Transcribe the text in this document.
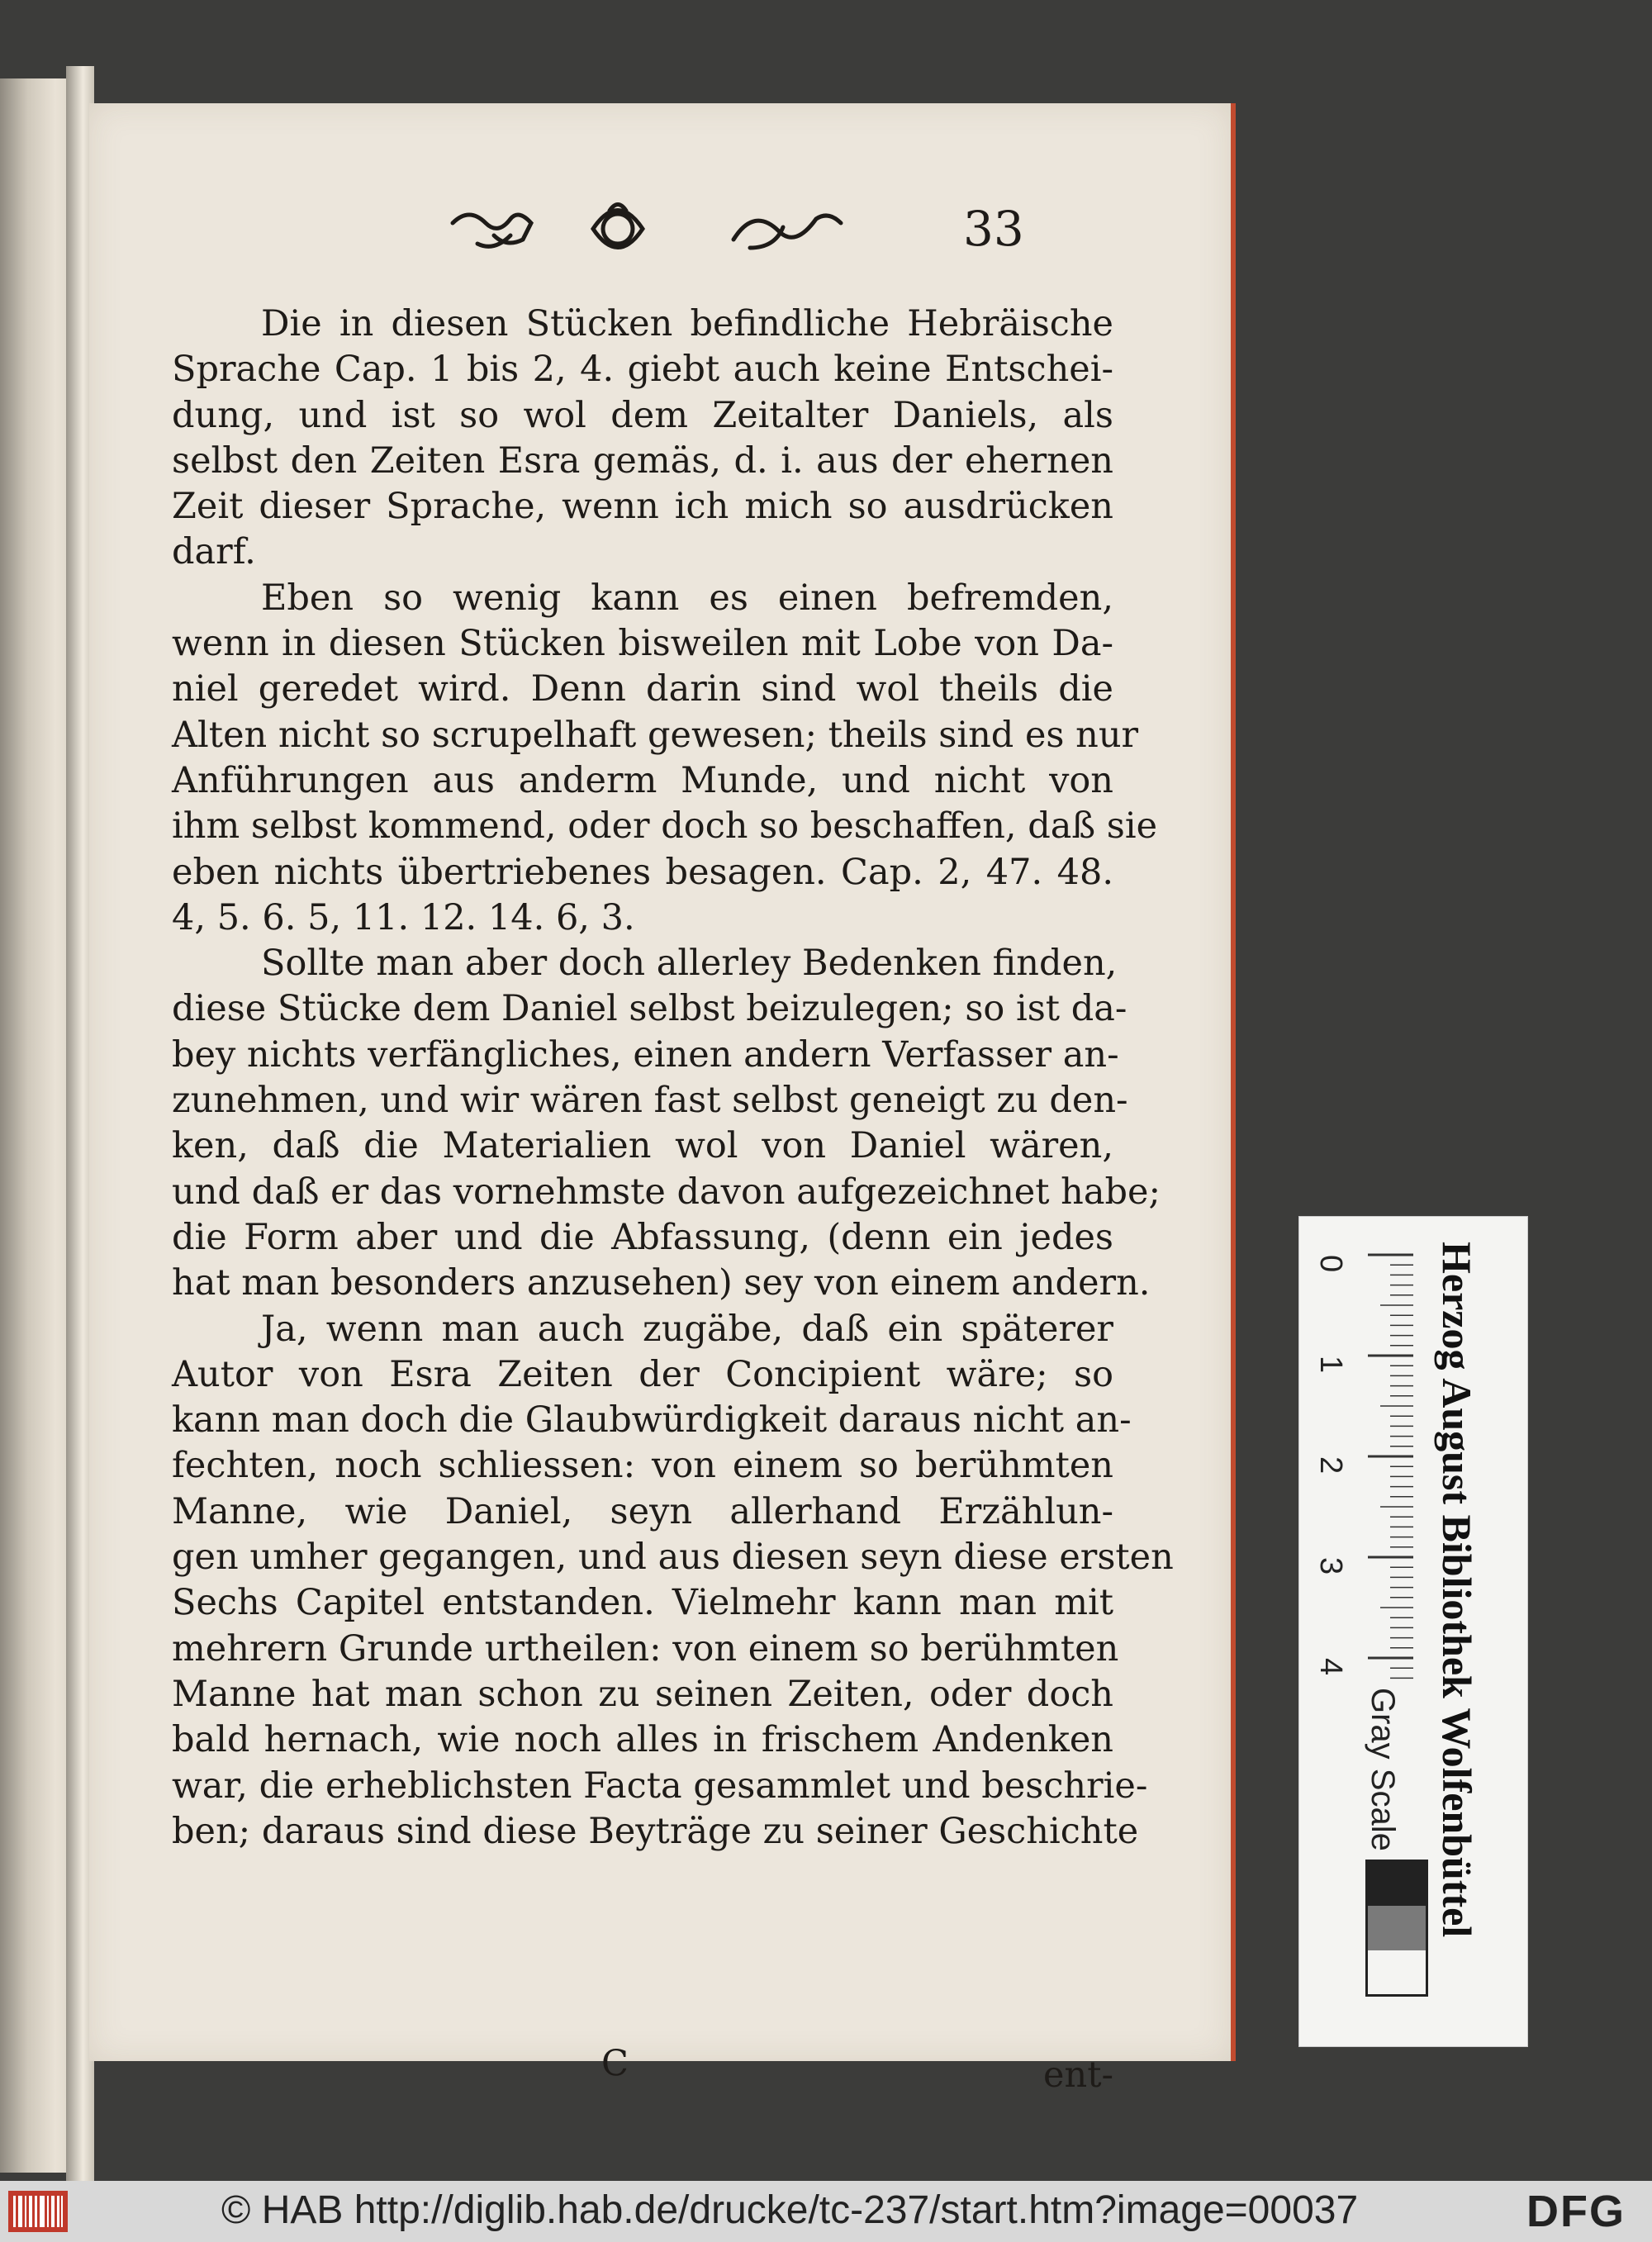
33
Die in diesen Stücken befindliche Hebräische
Sprache Cap. 1 bis 2, 4. giebt auch keine Entschei-
dung, und ist so wol dem Zeitalter Daniels, als
selbst den Zeiten Esra gemäs, d. i. aus der ehernen
Zeit dieser Sprache, wenn ich mich so ausdrücken
darf.
Eben so wenig kann es einen befremden,
wenn in diesen Stücken bisweilen mit Lobe von Da-
niel geredet wird. Denn darin sind wol theils die
Alten nicht so scrupelhaft gewesen; theils sind es nur
Anführungen aus anderm Munde, und nicht von
ihm selbst kommend, oder doch so beschaffen, daß sie
eben nichts übertriebenes besagen. Cap. 2, 47. 48.
4, 5. 6. 5, 11. 12. 14. 6, 3.
Sollte man aber doch allerley Bedenken finden,
diese Stücke dem Daniel selbst beizulegen; so ist da-
bey nichts verfängliches, einen andern Verfasser an-
zunehmen, und wir wären fast selbst geneigt zu den-
ken, daß die Materialien wol von Daniel wären,
und daß er das vornehmste davon aufgezeichnet habe;
die Form aber und die Abfassung, (denn ein jedes
hat man besonders anzusehen) sey von einem andern.
Ja, wenn man auch zugäbe, daß ein späterer
Autor von Esra Zeiten der Concipient wäre; so
kann man doch die Glaubwürdigkeit daraus nicht an-
fechten, noch schliessen: von einem so berühmten
Manne, wie Daniel, seyn allerhand Erzählun-
gen umher gegangen, und aus diesen seyn diese ersten
Sechs Capitel entstanden. Vielmehr kann man mit
mehrern Grunde urtheilen: von einem so berühmten
Manne hat man schon zu seinen Zeiten, oder doch
bald hernach, wie noch alles in frischem Andenken
war, die erheblichsten Facta gesammlet und beschrie-
ben; daraus sind diese Beyträge zu seiner Geschichte
C	ent-
0
1
2
3
4 Herzog August Bibliothek Wolfenbüttel
Gray Scale
© HAB http://diglib.hab.de/drucke/tc-237/start.htm?image=00037	DFG
